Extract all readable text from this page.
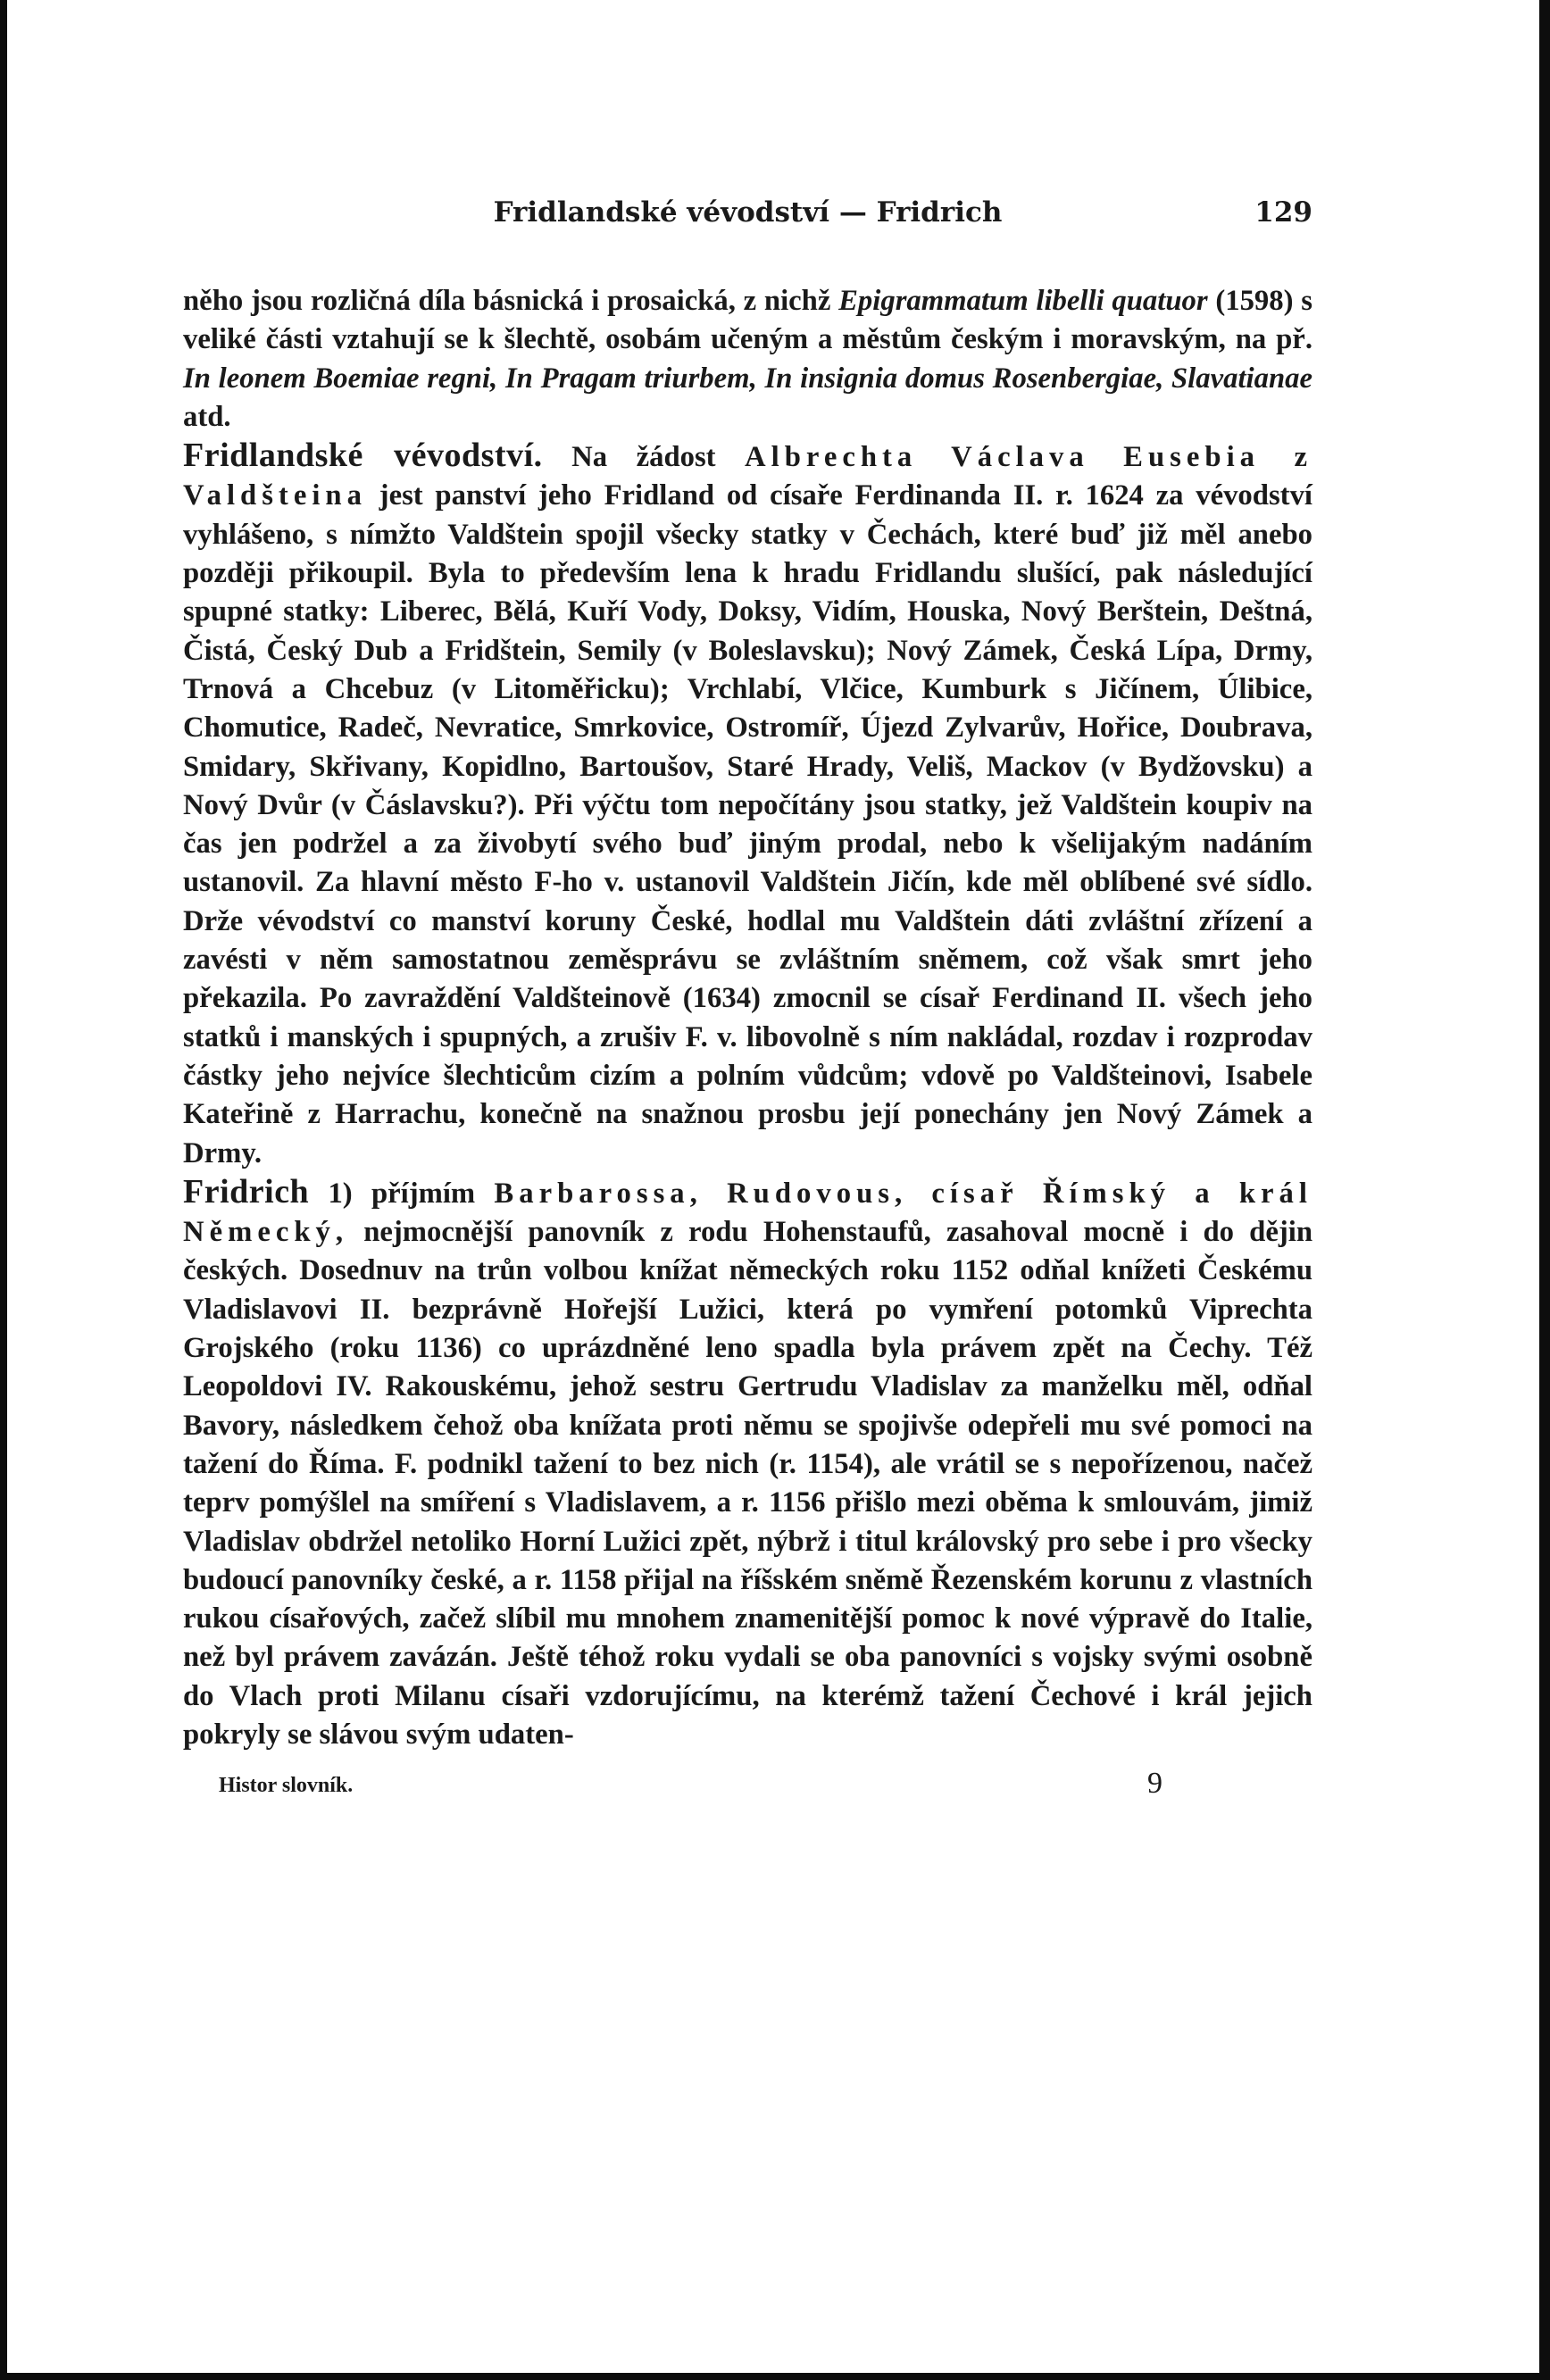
Fridlandské vévodství — Fridrich	129

něho jsou rozličná díla básnická i prosaická, z nichž Epigrammatum libelli quatuor (1598) s veliké části vztahují se k šlechtě, osobám učeným a městům českým i moravským, na př. In leonem Boemiae regni, In Pragam triurbem, In insignia domus Rosenbergiae, Slavatianae atd.

Fridlandské vévodství. Na žádost Albrechta Václava Eusebia z Valdšteina jest panství jeho Fridland od císaře Ferdinanda II. r. 1624 za vévodství vyhlášeno, s nímžto Valdštein spojil všecky statky v Čechách, které buď již měl anebo později přikoupil. Byla to především lena k hradu Fridlandu slušící, pak následující spupné statky: Liberec, Bělá, Kuří Vody, Doksy, Vidím, Houska, Nový Berštein, Deštná, Čistá, Český Dub a Fridštein, Semily (v Boleslavsku); Nový Zámek, Česká Lípa, Drmy, Trnová a Chcebuz (v Litoměřicku); Vrchlabí, Vlčice, Kumburk s Jičínem, Úlibice, Chomutice, Radeč, Nevratice, Smrkovice, Ostromíř, Újezd Zylvarův, Hořice, Doubrava, Smidary, Skřivany, Kopidlno, Bartoušov, Staré Hrady, Veliš, Mackov (v Bydžovsku) a Nový Dvůr (v Čáslavsku?). Při výčtu tom nepočítány jsou statky, jež Valdštein koupiv na čas jen podržel a za živobytí svého buď jiným prodal, nebo k všelijakým nadáním ustanovil. Za hlavní město F-ho v. ustanovil Valdštein Jičín, kde měl oblíbené své sídlo. Drže vévodství co manství koruny České, hodlal mu Valdštein dáti zvláštní zřízení a zavésti v něm samostatnou zeměsprávu se zvláštním sněmem, což však smrt jeho překazila. Po zavraždění Valdšteinově (1634) zmocnil se císař Ferdinand II. všech jeho statků i manských i spupných, a zrušiv F. v. libovolně s ním nakládal, rozdav i rozprodav částky jeho nejvíce šlechticům cizím a polním vůdcům; vdově po Valdšteinovi, Isabele Kateřině z Harrachu, konečně na snažnou prosbu její ponechány jen Nový Zámek a Drmy.

Fridrich 1) příjmím Barbarossa, Rudovous, císař Římský a král Německý, nejmocnější panovník z rodu Hohenstaufů, zasahoval mocně i do dějin českých. Dosednuv na trůn volbou knížat německých roku 1152 odňal knížeti Českému Vladislavovi II. bezprávně Hořejší Lužici, která po vymření potomků Viprechta Grojského (roku 1136) co uprázdněné leno spadla byla právem zpět na Čechy. Též Leopoldovi IV. Rakouskému, jehož sestru Gertrudu Vladislav za manželku měl, odňal Bavory, následkem čehož oba knížata proti němu se spojivše odepřeli mu své pomoci na tažení do Říma. F. podnikl tažení to bez nich (r. 1154), ale vrátil se s nepořízenou, načež teprv pomýšlel na smíření s Vladislavem, a r. 1156 přišlo mezi oběma k smlouvám, jimiž Vladislav obdržel netoliko Horní Lužici zpět, nýbrž i titul královský pro sebe i pro všecky budoucí panovníky české, a r. 1158 přijal na říšském sněmě Řezenském korunu z vlastních rukou císařových, začež slíbil mu mnohem znamenitější pomoc k nové výpravě do Italie, než byl právem zavázán. Ještě téhož roku vydali se oba panovníci s vojsky svými osobně do Vlach proti Milanu císaři vzdorujícímu, na kterémž tažení Čechové i král jejich pokryly se slávou svým udaten-

Histor slovník.	9
